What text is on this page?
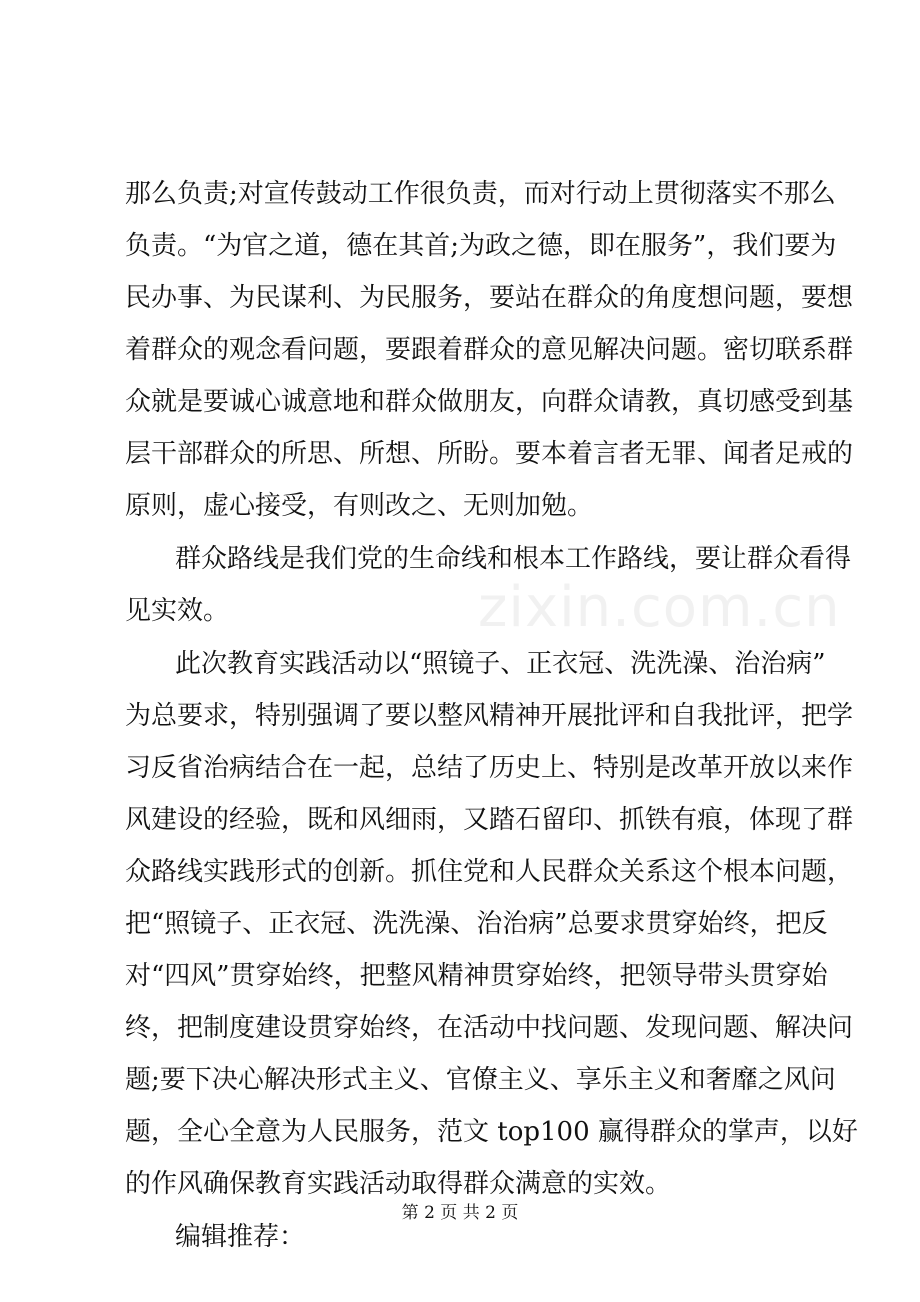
zixin.com.cn
那么负责;对宣传鼓动工作很负责，而对行动上贯彻落实不那么
负责。“为官之道，德在其首;为政之德，即在服务”，我们要为
民办事、为民谋利、为民服务，要站在群众的角度想问题，要想
着群众的观念看问题，要跟着群众的意见解决问题。密切联系群
众就是要诚心诚意地和群众做朋友，向群众请教，真切感受到基
层干部群众的所思、所想、所盼。要本着言者无罪、闻者足戒的
原则，虚心接受，有则改之、无则加勉。
群众路线是我们党的生命线和根本工作路线，要让群众看得
见实效。
此次教育实践活动以“照镜子、正衣冠、洗洗澡、治治病”
为总要求，特别强调了要以整风精神开展批评和自我批评，把学
习反省治病结合在一起，总结了历史上、特别是改革开放以来作
风建设的经验，既和风细雨，又踏石留印、抓铁有痕，体现了群
众路线实践形式的创新。抓住党和人民群众关系这个根本问题，
把“照镜子、正衣冠、洗洗澡、治治病”总要求贯穿始终，把反
对“四风”贯穿始终，把整风精神贯穿始终，把领导带头贯穿始
终，把制度建设贯穿始终，在活动中找问题、发现问题、解决问
题;要下决心解决形式主义、官僚主义、享乐主义和奢靡之风问
题，全心全意为人民服务，范文 top100 赢得群众的掌声，以好
的作风确保教育实践活动取得群众满意的实效。
编辑推荐：
第 2 页 共 2 页
